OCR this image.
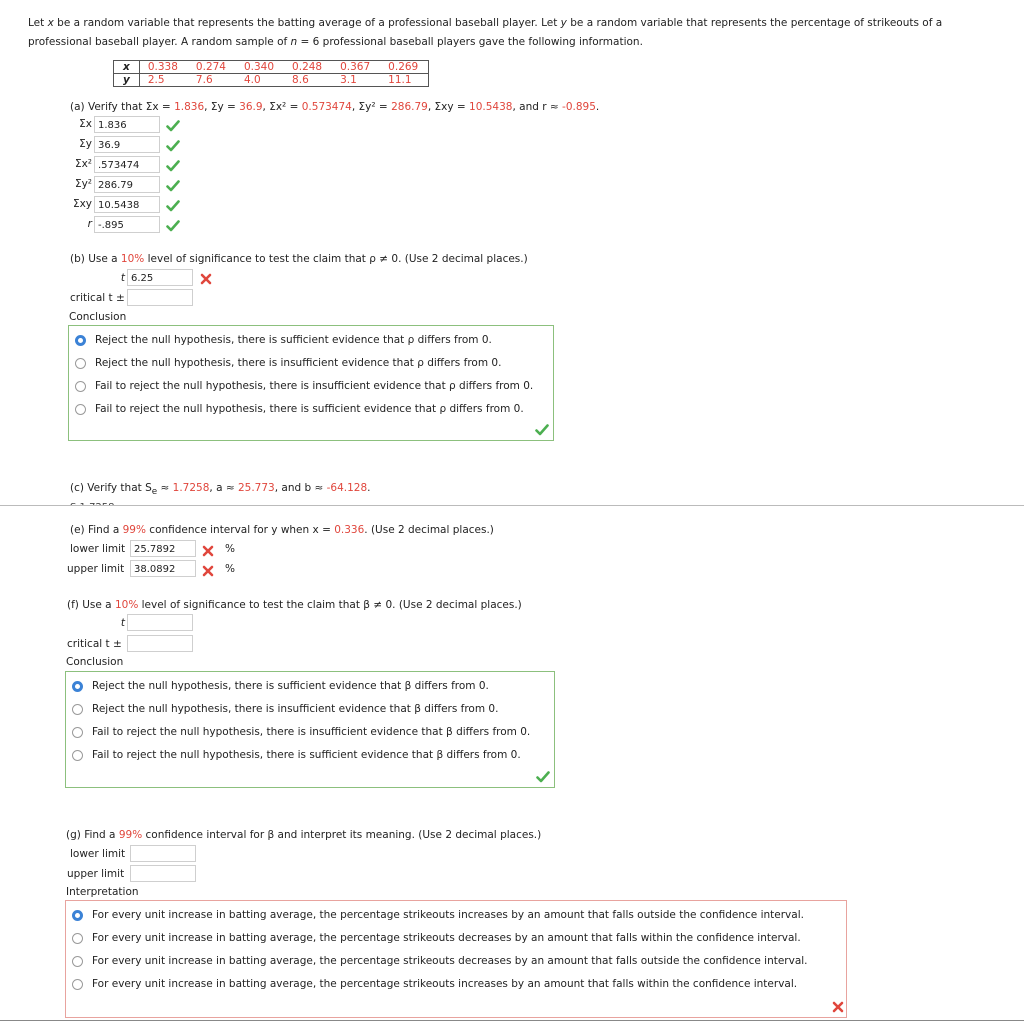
Let x be a random variable that represents the batting average of a professional baseball player. Let y be a random variable that represents the percentage of strikeouts of a professional baseball player. A random sample of n = 6 professional baseball players gave the following information.
x	0.338	0.274	0.340	0.248	0.367	0.269
y	2.5	7.6	4.0	8.6	3.1	11.1
(a) Verify that Σx = 1.836, Σy = 36.9, Σx² = 0.573474, Σy² = 286.79, Σxy = 10.5438, and r ≈ -0.895.
Σx 1.836
Σy 36.9
Σx² .573474
Σy² 286.79
Σxy 10.5438
r -.895
(b) Use a 10% level of significance to test the claim that ρ ≠ 0. (Use 2 decimal places.)
t 6.25
critical t ±
Conclusion
Reject the null hypothesis, there is sufficient evidence that ρ differs from 0.
Reject the null hypothesis, there is insufficient evidence that ρ differs from 0.
Fail to reject the null hypothesis, there is insufficient evidence that ρ differs from 0.
Fail to reject the null hypothesis, there is sufficient evidence that ρ differs from 0.
(c) Verify that $S_e \approx 1.7258$, a ≈ 25.773, and b ≈ -64.128.
(e) Find a 99% confidence interval for y when x = 0.336. (Use 2 decimal places.)
lower limit 25.7892	%
upper limit 38.0892	%
(f) Use a 10% level of significance to test the claim that β ≠ 0. (Use 2 decimal places.)
t
critical t ±
Conclusion
Reject the null hypothesis, there is sufficient evidence that β differs from 0.
Reject the null hypothesis, there is insufficient evidence that β differs from 0.
Fail to reject the null hypothesis, there is insufficient evidence that β differs from 0.
Fail to reject the null hypothesis, there is sufficient evidence that β differs from 0.
(g) Find a 99% confidence interval for β and interpret its meaning. (Use 2 decimal places.)
lower limit
upper limit
Interpretation
For every unit increase in batting average, the percentage strikeouts increases by an amount that falls outside the confidence interval.
For every unit increase in batting average, the percentage strikeouts decreases by an amount that falls within the confidence interval.
For every unit increase in batting average, the percentage strikeouts decreases by an amount that falls outside the confidence interval.
For every unit increase in batting average, the percentage strikeouts increases by an amount that falls within the confidence interval.
